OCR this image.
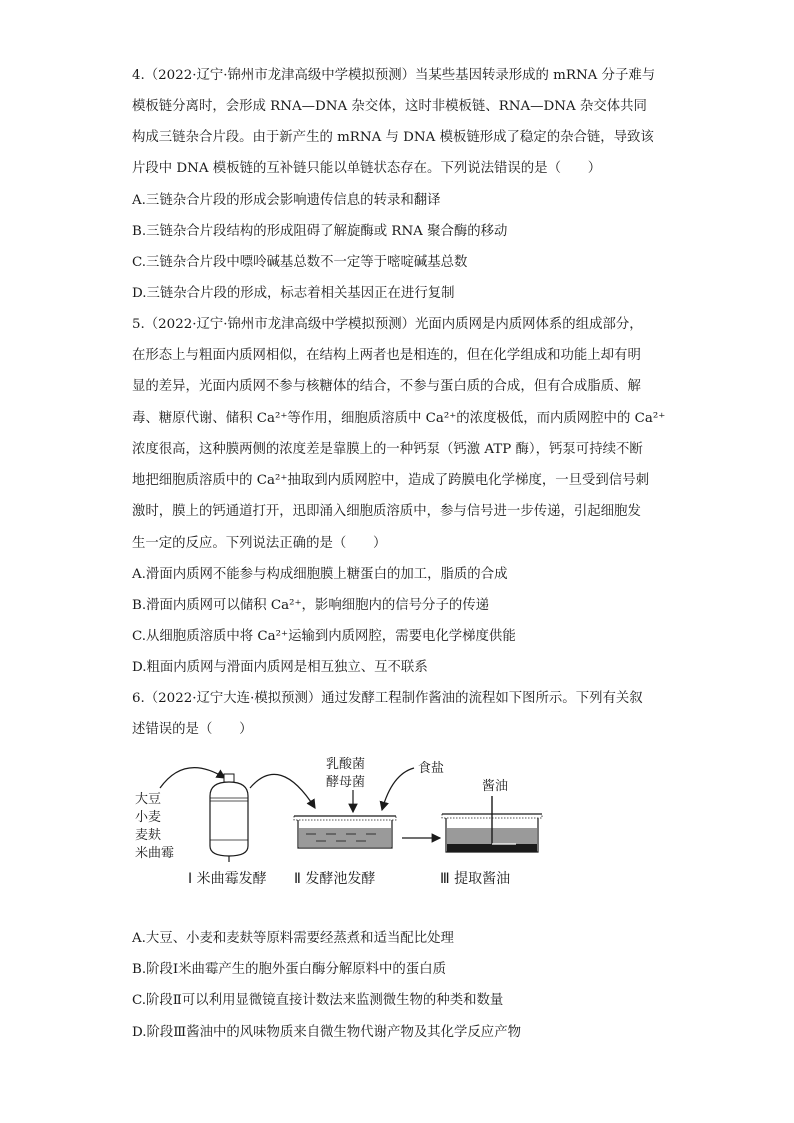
4.（2022·辽宁·锦州市龙津高级中学模拟预测）当某些基因转录形成的 mRNA 分子难与
模板链分离时，会形成 RNA—DNA 杂交体，这时非模板链、RNA—DNA 杂交体共同
构成三链杂合片段。由于新产生的 mRNA 与 DNA 模板链形成了稳定的杂合链，导致该
片段中 DNA 模板链的互补链只能以单链状态存在。下列说法错误的是（　　）
A.三链杂合片段的形成会影响遗传信息的转录和翻译
B.三链杂合片段结构的形成阻碍了解旋酶或 RNA 聚合酶的移动
C.三链杂合片段中嘌呤碱基总数不一定等于嘧啶碱基总数
D.三链杂合片段的形成，标志着相关基因正在进行复制
5.（2022·辽宁·锦州市龙津高级中学模拟预测）光面内质网是内质网体系的组成部分，
在形态上与粗面内质网相似，在结构上两者也是相连的，但在化学组成和功能上却有明
显的差异，光面内质网不参与核糖体的结合，不参与蛋白质的合成，但有合成脂质、解
毒、糖原代谢、储积 Ca²⁺等作用，细胞质溶质中 Ca²⁺的浓度极低，而内质网腔中的 Ca²⁺
浓度很高，这种膜两侧的浓度差是靠膜上的一种钙泵（钙激 ATP 酶），钙泵可持续不断
地把细胞质溶质中的 Ca²⁺抽取到内质网腔中，造成了跨膜电化学梯度，一旦受到信号刺
激时，膜上的钙通道打开，迅即涌入细胞质溶质中，参与信号进一步传递，引起细胞发
生一定的反应。下列说法正确的是（　　）
A.滑面内质网不能参与构成细胞膜上糖蛋白的加工，脂质的合成
B.滑面内质网可以储积 Ca²⁺，影响细胞内的信号分子的传递
C.从细胞质溶质中将 Ca²⁺运输到内质网腔，需要电化学梯度供能
D.粗面内质网与滑面内质网是相互独立、互不联系
6.（2022·辽宁大连·模拟预测）通过发酵工程制作酱油的流程如下图所示。下列有关叙
述错误的是（　　）
大豆
小麦
麦麸
米曲霉
乳酸菌
酵母菌
食盐
酱油
Ⅰ 米曲霉发酵 Ⅱ 发酵池发酵	Ⅲ 提取酱油
A.大豆、小麦和麦麸等原料需要经蒸煮和适当配比处理
B.阶段Ⅰ米曲霉产生的胞外蛋白酶分解原料中的蛋白质
C.阶段Ⅱ可以利用显微镜直接计数法来监测微生物的种类和数量
D.阶段Ⅲ酱油中的风味物质来自微生物代谢产物及其化学反应产物
